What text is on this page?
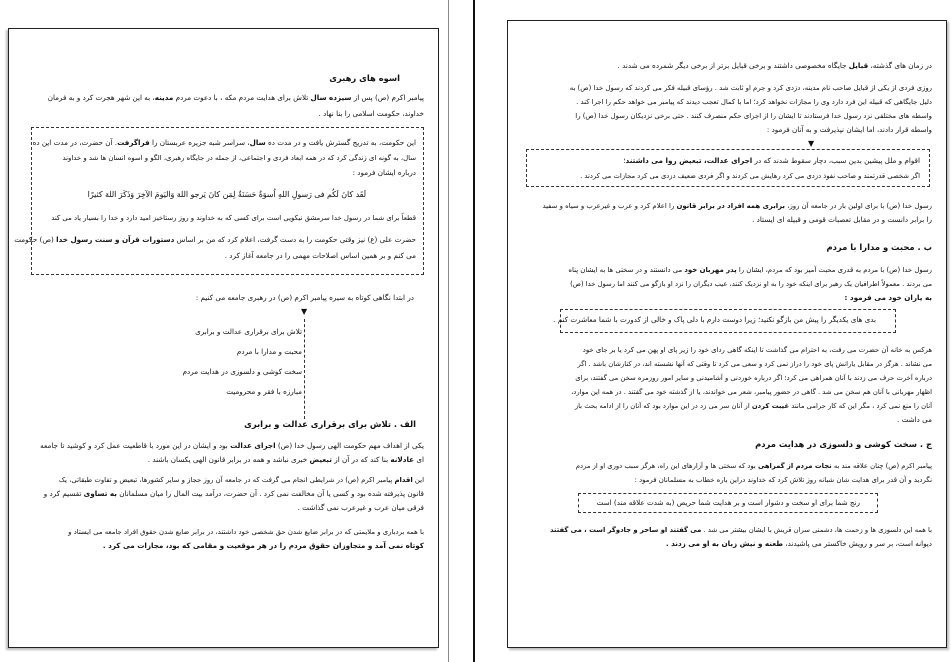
اسوه های رهبری
پیامبر اکرم (ص) پس از سیزده سال تلاش برای هدایت مردم مکه ، با دعوت مردم مدینه، به این شهر هجرت کرد و به فرمان
خداوند، حکومت اسلامی را بنا نهاد .
این حکومت، به تدریج گسترش یافت و در مدت ده سال، سراسر شبه جزیره عربستان را فراگرفت. آن حضرت، در مدت این ده
سال، به گونه ای زندگی کرد که در همه ابعاد فردی و اجتماعی، از جمله در جایگاه رهبری، الگو و اسوه انسان ها شد و خداوند
درباره ایشان فرمود :
لَقَد كانَ لَكُم فى رَسولِ اللهِ اُسوَةٌ حَسَنَةٌ لِمَن كانَ يَرجو اللهَ وَاليَومَ الآخِرَ وَذَكَرَ اللهَ كثيرًا
قطعاً برای شما در رسول خدا سرمشق نیکویی است برای کسی که به خداوند و روز رستاخیز امید دارد و خدا را بسیار یاد می کند
حضرت علی (ع) نیز وقتی حکومت را به دست گرفت، اعلام کرد که من بر اساس دستورات قرآن و سنت رسول خدا (ص) حکومت
می کنم و بر همین اساس اصلاحات مهمی را در جامعه آغاز کرد .
در ابتدا نگاهی کوتاه به سیره پیامبر اکرم (ص) در رهبری جامعه می کنیم :
▼
تلاش برای برقراری عدالت و برابری
محبت و مدارا با مردم
سخت کوشی و دلسوزی در هدایت مردم
مبارزه با فقر و محرومیت
الف . تلاش برای برقراری عدالت و برابری
یکی از اهداف مهم حکومت الهی رسول خدا (ص) اجرای عدالت بود و ایشان در این مورد با قاطعیت عمل کرد و کوشید تا جامعه
ای عادلانه بنا کند که در آن از تبعیض خبری نباشد و همه در برابر قانون الهی یکسان باشند .
این اقدام پیامبر اکرم (ص) در شرایطی انجام می گرفت که در جامعه آن روز حجاز و سایر کشورها، تبعیض و تفاوت طبقاتی، یک
قانون پذیرفته شده بود و کسی یا آن مخالفت نمی کرد . آن حضرت، درآمد بیت المال را میان مسلمانان به تساوی تقسیم کرد و
فرقی میان عرب و غیرعرب نمی گذاشت .
با همه بردباری و ملایمتی که در برابر ضایع شدن حق شخصی خود داشتند، در برابر ضایع شدن حقوق افراد جامعه می ایستاد و
کوتاه نمی آمد و متجاوزان حقوق مردم را در هر موقعیت و مقامی که بود، مجازات می کرد .
در زمان های گذشته، قبایل جایگاه مخصوصی داشتند و برخی قبایل برتر از برخی دیگر شمرده می شدند .
روزی فردی از یکی از قبایل صاحب نام مدینه، دزدی کرد و جرم او ثابت شد . رؤسای قبیله فکر می کردند که رسول خدا (ص) به
دلیل جایگاهی که قبیله این فرد دارد وی را مجازات نخواهد کرد؛ اما با کمال تعجب دیدند که پیامبر می خواهد حکم را اجرا کند .
واسطه های مختلفی نزد رسول خدا فرستادند تا ایشان را از اجرای حکم منصرف کنند . حتی برخی نزدیکان رسول خدا (ص) را
واسطه قرار دادند، اما ایشان نپذیرفت و به آنان فرمود :
▼
اقوام و ملل پیشین بدین سبب، دچار سقوط شدند که در اجرای عدالت، تبعیض روا می داشتند؛
اگر شخصی قدرتمند و صاحب نفوذ دزدی می کرد رهایش می کردند و اگر فردی ضعیف دزدی می کرد مجازات می کردند .
رسول خدا (ص) با برای اولین بار در جامعه آن روز، برابری همه افراد در برابر قانون را اعلام کرد و عرب و غیرعرب و سیاه و سفید
را برابر دانست و در مقابل تعصبات قومی و قبیله ای ایستاد .
ب . محبت و مدارا با مردم
رسول خدا (ص) با مردم به قدری محبت آمیز بود که مردم، ایشان را پدر مهربان خود می دانستند و در سختی ها به ایشان پناه
می بردند . معمولاً اطرافیان یک رهبر برای اینکه خود را به او نزدیک کنند، عیب دیگران را نزد او بازگو می کنند اما رسول خدا (ص)
به یاران خود می فرمود :
بدی های یکدیگر را پیش من بازگو نکنید؛ زیرا دوست دارم با دلی پاک و خالی از کدورت با شما معاشرت کنم .
هرکس به خانه آن حضرت می رفت، به احترام می گذاشت تا اینکه گاهی ردای خود را زیر پای او پهن می کرد یا بر جای خود
می نشاند . هرگز در مقابل یارانش پای خود را دراز نمی کرد و سعی می کرد تا وقتی که آنها نشسته اند، در کنارشان باشد . اگر
درباره آخرت حرف می زدند با آنان همراهی می کرد؛ اگر درباره خوردنی و آشامیدنی و سایر امور روزمره سخن می گفتند، برای
اظهار مهربانی با آنان هم سخن می شد . گاهی در حضور پیامبر، شعر می خواندند، یا از گذشته خود می گفتند . در همه این موارد،
آنان را منع نمی کرد ، مگر این که کار حرامی مانند غیبت کردن از آنان سر می زد در این موارد بود که آنان را از ادامه بحث باز
می داشت .
ج . سخت کوشی و دلسوزی در هدایت مردم
پیامبر اکرم (ص) چنان علاقه مند به نجات مردم از گمراهی بود که سختی ها و آزارهای این راه، هرگز سبب دوری او از مردم
نگردید و آن قدر برای هدایت شان شبانه روز تلاش کرد که خداوند دراین باره خطاب به مسلمانان فرمود :
رنج شما برای او سخت و دشوار است و بر هدایت شما حریص (به شدت علاقه مند) است
با همه این دلسوزی ها و زحمت ها، دشمنی سران قریش با ایشان بیشتر می شد . می گفتند او ساحر و جادوگر است ، می گفتند
دیوانه است، بر سر و رویش خاکستر می پاشیدند، طعنه و نیش زبان به او می زدند .
